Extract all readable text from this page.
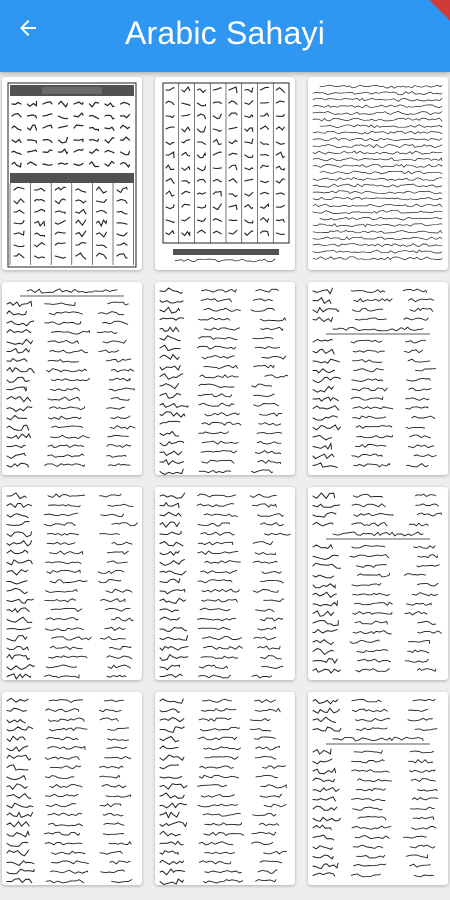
Arabic Sahayi
